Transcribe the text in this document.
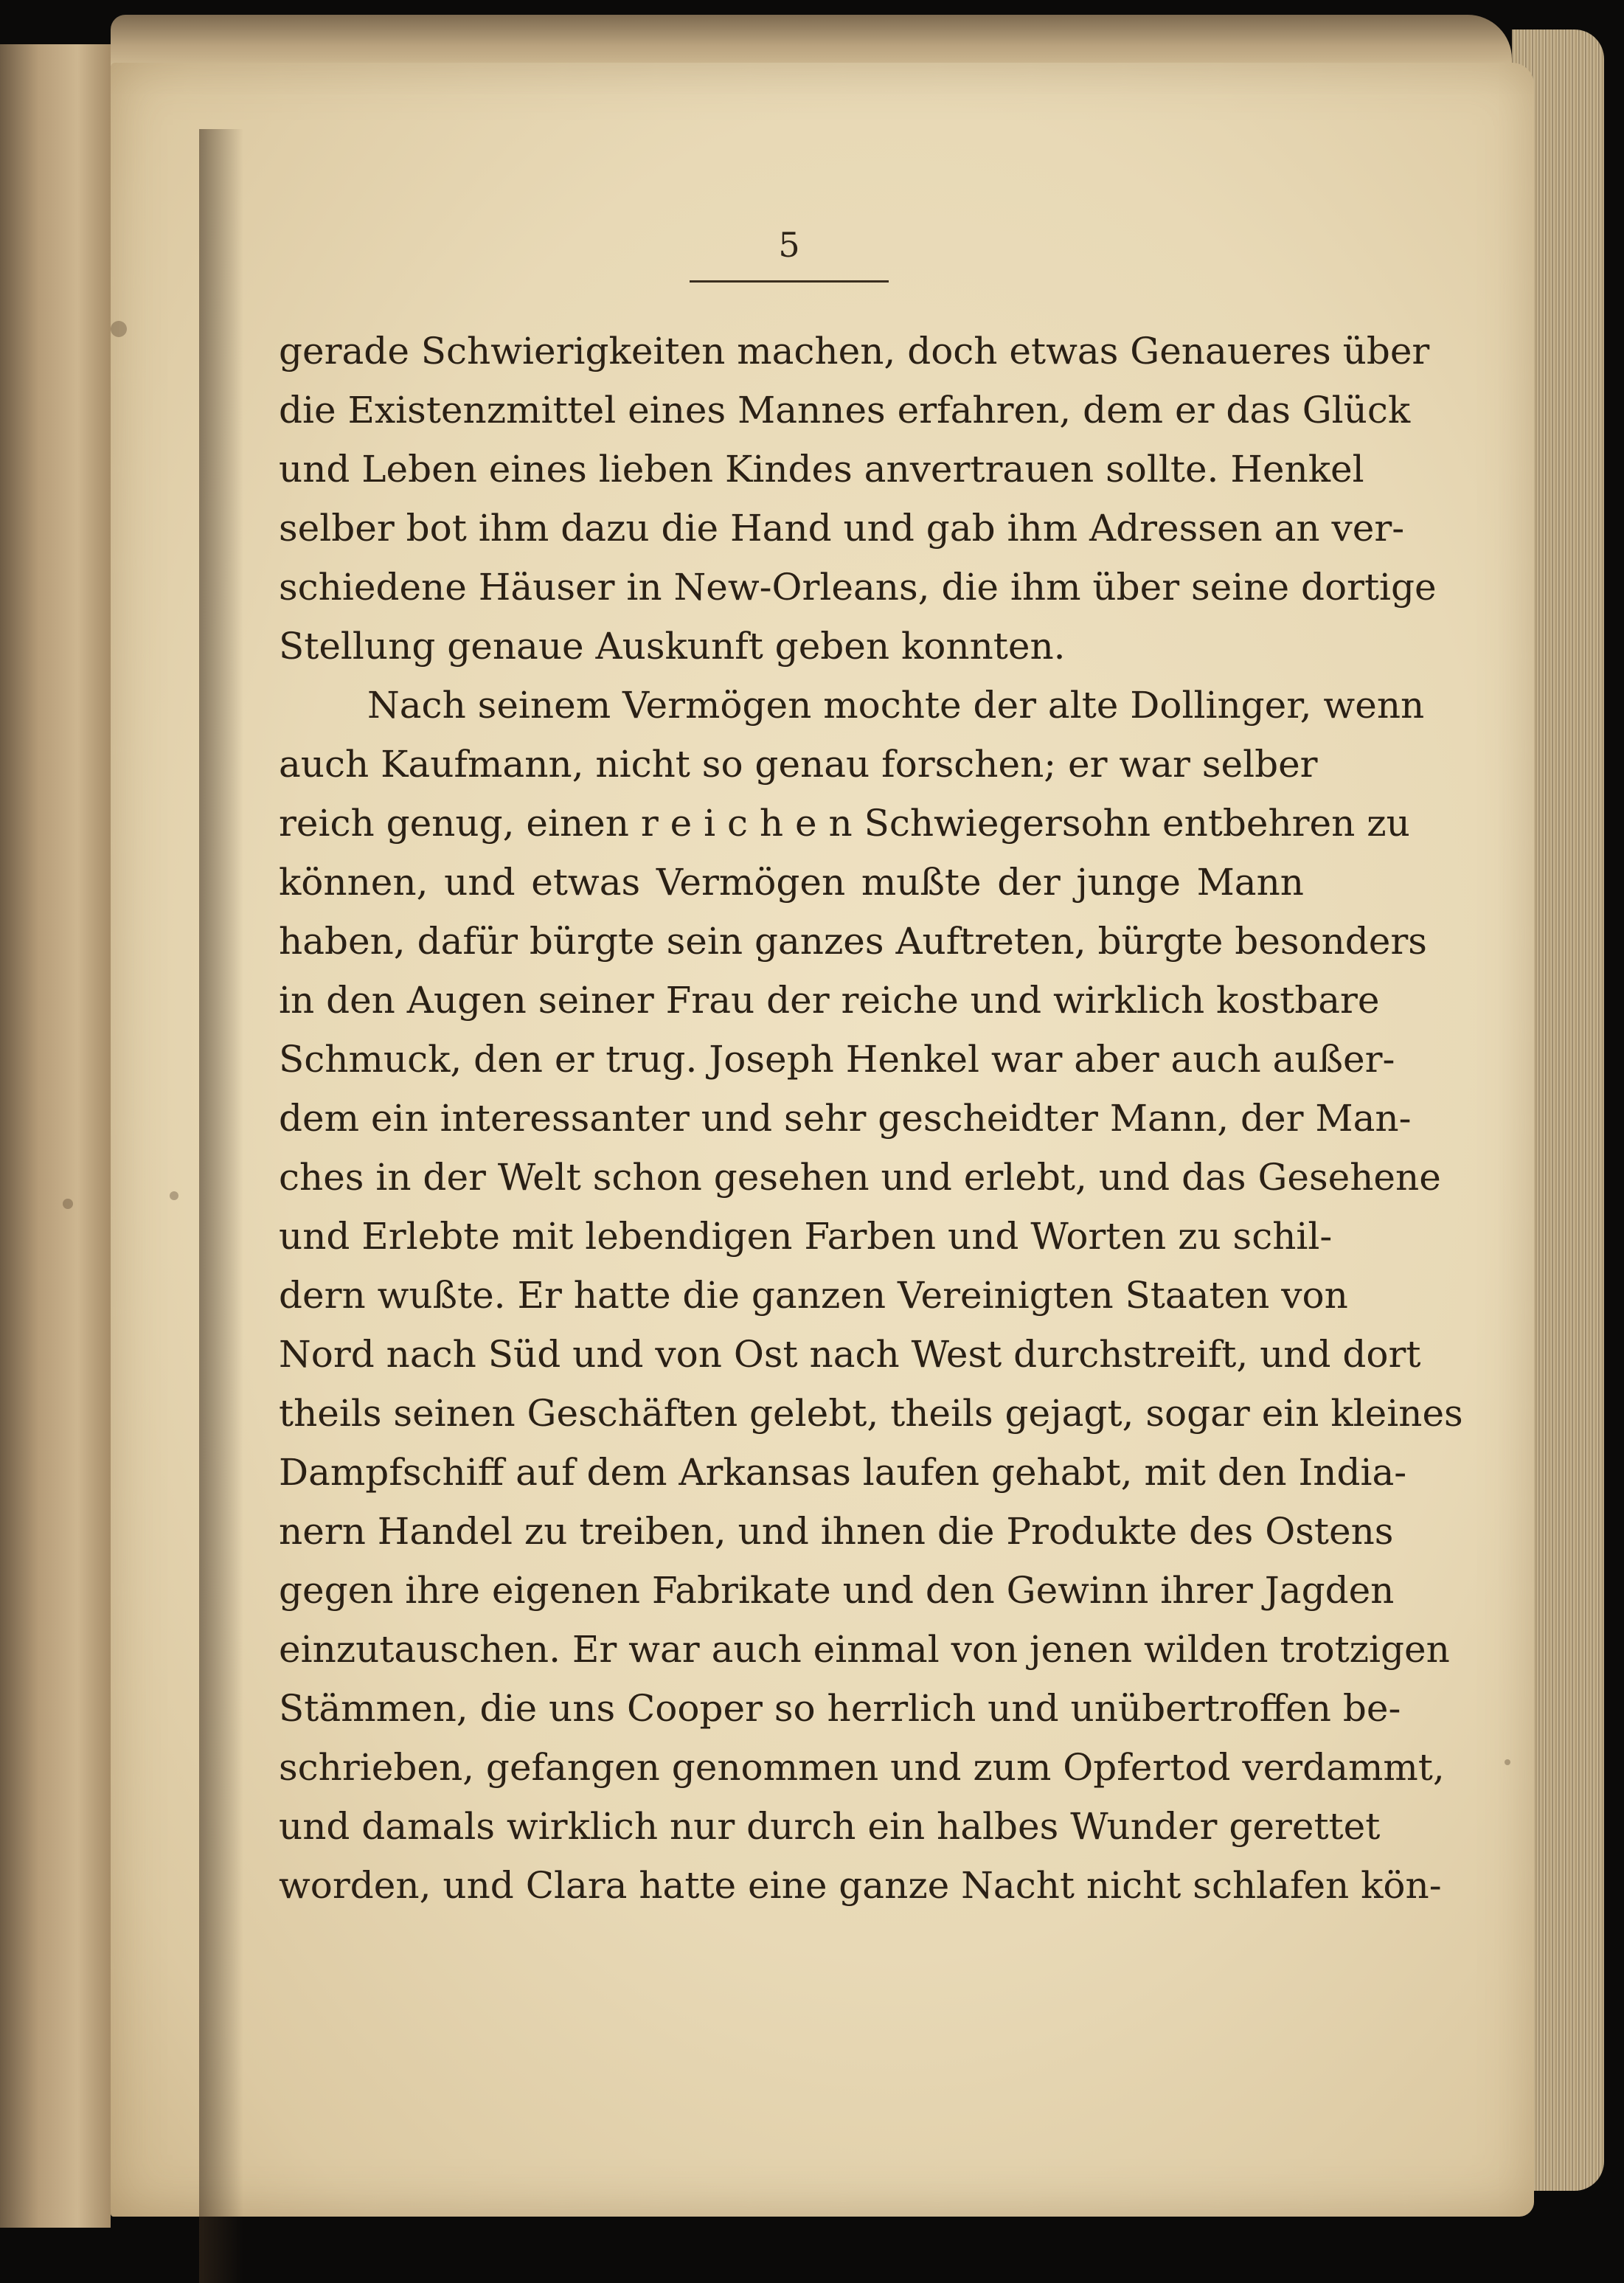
5
gerade Schwierigkeiten machen, doch etwas Genaueres über
die Existenzmittel eines Mannes erfahren, dem er das Glück
und Leben eines lieben Kindes anvertrauen sollte. Henkel
selber bot ihm dazu die Hand und gab ihm Adressen an ver-
schiedene Häuser in New-Orleans, die ihm über seine dortige
Stellung genaue Auskunft geben konnten.
Nach seinem Vermögen mochte der alte Dollinger, wenn
auch Kaufmann, nicht so genau forschen; er war selber
reich genug, einen r e i c h e n Schwiegersohn entbehren zu
können, und etwas Vermögen mußte der junge Mann
haben, dafür bürgte sein ganzes Auftreten, bürgte besonders
in den Augen seiner Frau der reiche und wirklich kostbare
Schmuck, den er trug. Joseph Henkel war aber auch außer-
dem ein interessanter und sehr gescheidter Mann, der Man-
ches in der Welt schon gesehen und erlebt, und das Gesehene
und Erlebte mit lebendigen Farben und Worten zu schil-
dern wußte. Er hatte die ganzen Vereinigten Staaten von
Nord nach Süd und von Ost nach West durchstreift, und dort
theils seinen Geschäften gelebt, theils gejagt, sogar ein kleines
Dampfschiff auf dem Arkansas laufen gehabt, mit den India-
nern Handel zu treiben, und ihnen die Produkte des Ostens
gegen ihre eigenen Fabrikate und den Gewinn ihrer Jagden
einzutauschen. Er war auch einmal von jenen wilden trotzigen
Stämmen, die uns Cooper so herrlich und unübertroffen be-
schrieben, gefangen genommen und zum Opfertod verdammt,
und damals wirklich nur durch ein halbes Wunder gerettet
worden, und Clara hatte eine ganze Nacht nicht schlafen kön-
